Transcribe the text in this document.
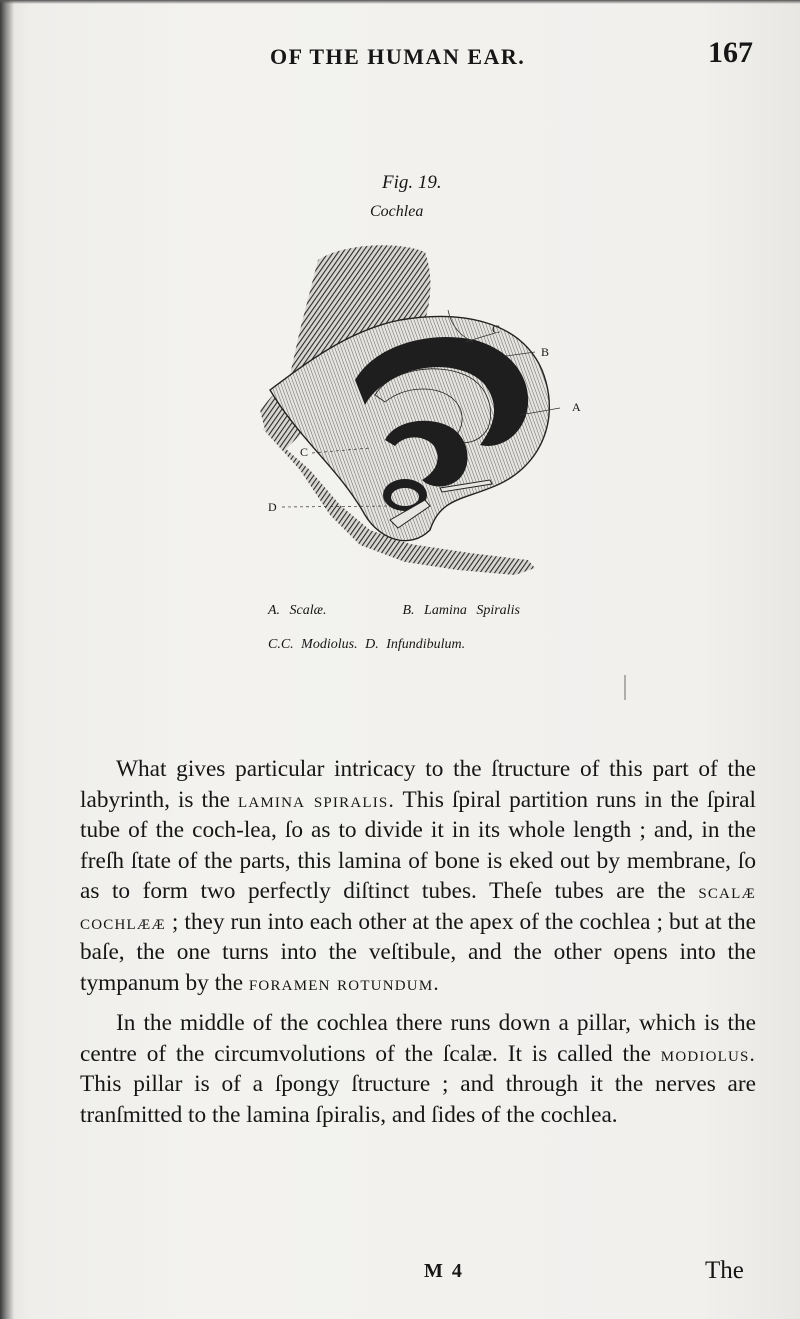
OF THE HUMAN EAR.	167
Fig. 19.
Cochlea
C
B
A
C
D
A. Scalæ.	B. Lamina Spiralis
C.C. Modiolus. D. Infundibulum.

What gives particular intricacy to the ſtructure of this part of the labyrinth, is the lamina spiralis. This ſpiral partition runs in the ſpiral tube of the coch-lea, ſo as to divide it in its whole length ; and, in the freſh ſtate of the parts, this lamina of bone is eked out by membrane, ſo as to form two perfectly diſtinct tubes. Theſe tubes are the scalæ cochlææ ; they run into each other at the apex of the cochlea ; but at the baſe, the one turns into the veſtibule, and the other opens into the tympanum by the foramen rotundum.

In the middle of the cochlea there runs down a pillar, which is the centre of the circumvolutions of the ſcalæ. It is called the modiolus. This pillar is of a ſpongy ſtructure ; and through it the nerves are tranſmitted to the lamina ſpiralis, and ſides of the cochlea.

M 4	The
